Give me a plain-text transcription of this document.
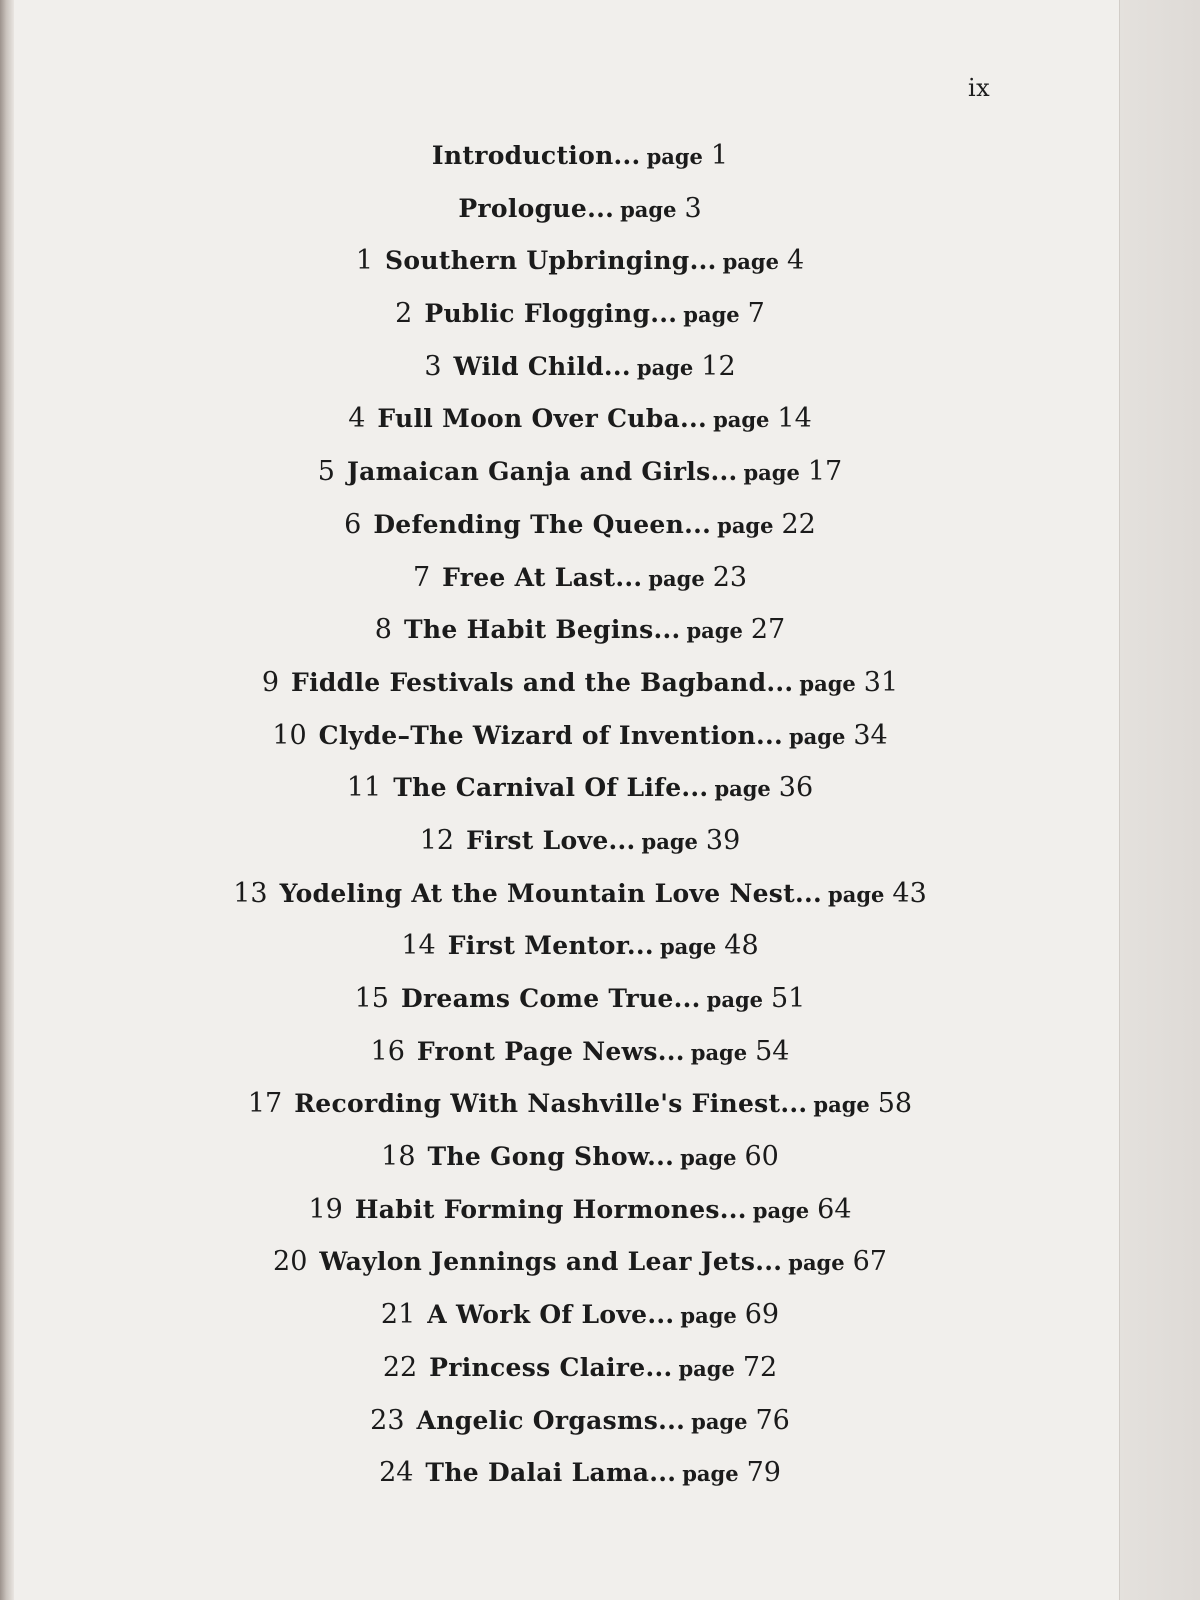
ix
Introduction... page 1
Prologue... page 3
1 Southern Upbringing... page 4
2 Public Flogging... page 7
3 Wild Child... page 12
4 Full Moon Over Cuba... page 14
5 Jamaican Ganja and Girls... page 17
6 Defending The Queen... page 22
7 Free At Last... page 23
8 The Habit Begins... page 27
9 Fiddle Festivals and the Bagband... page 31
10 Clyde–The Wizard of Invention... page 34
11 The Carnival Of Life... page 36
12 First Love... page 39
13 Yodeling At the Mountain Love Nest... page 43
14 First Mentor... page 48
15 Dreams Come True... page 51
16 Front Page News... page 54
17 Recording With Nashville's Finest... page 58
18 The Gong Show... page 60
19 Habit Forming Hormones... page 64
20 Waylon Jennings and Lear Jets... page 67
21 A Work Of Love... page 69
22 Princess Claire... page 72
23 Angelic Orgasms... page 76
24 The Dalai Lama... page 79
